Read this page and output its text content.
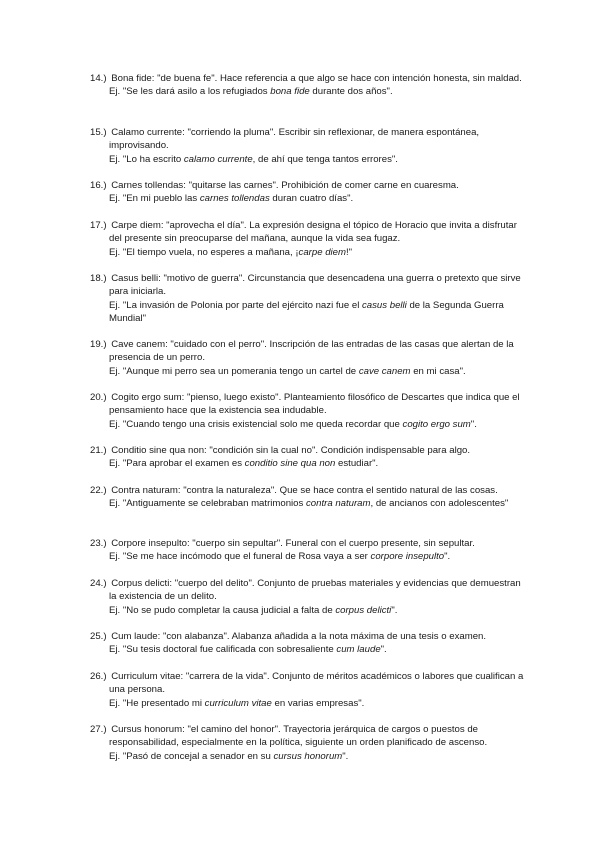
14.) Bona fide: "de buena fe". Hace referencia a que algo se hace con intención honesta, sin maldad.

Ej. "Se les dará asilo a los refugiados bona fide durante dos años".

15.) Calamo currente: "corriendo la pluma". Escribir sin reflexionar, de manera espontánea, improvisando.

Ej. "Lo ha escrito calamo currente, de ahí que tenga tantos errores".

16.) Carnes tollendas: "quitarse las carnes". Prohibición de comer carne en cuaresma.

Ej. "En mi pueblo las carnes tollendas duran cuatro días".

17.) Carpe diem: "aprovecha el día". La expresión designa el tópico de Horacio que invita a disfrutar del presente sin preocuparse del mañana, aunque la vida sea fugaz.

Ej. "El tiempo vuela, no esperes a mañana, ¡carpe diem!"

18.) Casus belli: "motivo de guerra". Circunstancia que desencadena una guerra o pretexto que sirve para iniciarla.

Ej. "La invasión de Polonia por parte del ejército nazi fue el casus belli de la Segunda Guerra Mundial"

19.) Cave canem: "cuidado con el perro". Inscripción de las entradas de las casas que alertan de la presencia de un perro.

Ej. "Aunque mi perro sea un pomerania tengo un cartel de cave canem en mi casa".

20.) Cogito ergo sum: "pienso, luego existo". Planteamiento filosófico de Descartes que indica que el pensamiento hace que la existencia sea indudable.

Ej. "Cuando tengo una crisis existencial solo me queda recordar que cogito ergo sum".

21.) Conditio sine qua non: "condición sin la cual no". Condición indispensable para algo.

Ej. "Para aprobar el examen es conditio sine qua non estudiar".

22.) Contra naturam: "contra la naturaleza". Que se hace contra el sentido natural de las cosas.

Ej. "Antiguamente se celebraban matrimonios contra naturam, de ancianos con adolescentes"

23.) Corpore insepulto: "cuerpo sin sepultar". Funeral con el cuerpo presente, sin sepultar.

Ej. "Se me hace incómodo que el funeral de Rosa vaya a ser corpore insepulto".

24.) Corpus delicti: "cuerpo del delito". Conjunto de pruebas materiales y evidencias que demuestran la existencia de un delito.

Ej. "No se pudo completar la causa judicial a falta de corpus delicti".

25.) Cum laude: "con alabanza". Alabanza añadida a la nota máxima de una tesis o examen.

Ej. "Su tesis doctoral fue calificada con sobresaliente cum laude".

26.) Curriculum vitae: "carrera de la vida". Conjunto de méritos académicos o labores que cualifican a una persona.

Ej. "He presentado mi curriculum vitae en varias empresas".

27.) Cursus honorum: "el camino del honor". Trayectoria jerárquica de cargos o puestos de responsabilidad, especialmente en la política, siguiente un orden planificado de ascenso.

Ej. "Pasó de concejal a senador en su cursus honorum".
